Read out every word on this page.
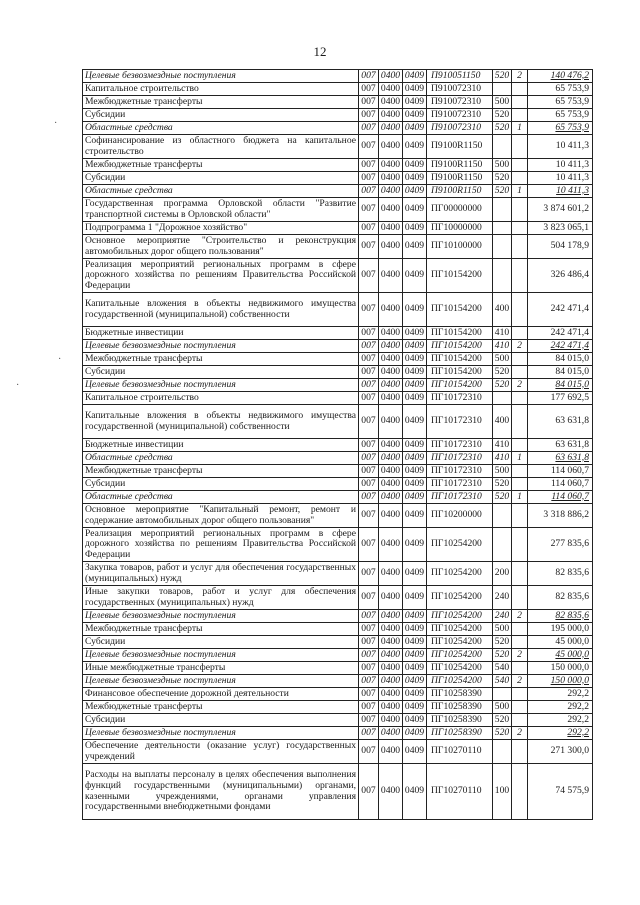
12
·
·
·
Целевые безвозмездные поступления	007	0400	0409	П910051150	520	2	140 476,2
Капитальное строительство	007	0400	0409	П910072310			65 753,9
Межбюджетные трансферты	007	0400	0409	П910072310	500		65 753,9
Субсидии	007	0400	0409	П910072310	520		65 753,9
Областные средства	007	0400	0409	П910072310	520	1	65 753,9
Софинансирование из областного бюджета на капитальное строительство	007	0400	0409	П9100R1150			10 411,3
Межбюджетные трансферты	007	0400	0409	П9100R1150	500		10 411,3
Субсидии	007	0400	0409	П9100R1150	520		10 411,3
Областные средства	007	0400	0409	П9100R1150	520	1	10 411,3
Государственная программа Орловской области "Развитие транспортной системы в Орловской области"	007	0400	0409	ПГ00000000			3 874 601,2
Подпрограмма 1 "Дорожное хозяйство"	007	0400	0409	ПГ10000000			3 823 065,1
Основное мероприятие "Строительство и реконструкция автомобильных дорог общего пользования"	007	0400	0409	ПГ10100000			504 178,9
Реализация мероприятий региональных программ в сфере дорожного хозяйства по решениям Правительства Российской Федерации	007	0400	0409	ПГ10154200			326 486,4
Капитальные вложения в объекты недвижимого имущества государственной (муниципальной) собственности	007	0400	0409	ПГ10154200	400		242 471,4
Бюджетные инвестиции	007	0400	0409	ПГ10154200	410		242 471,4
Целевые безвозмездные поступления	007	0400	0409	ПГ10154200	410	2	242 471,4
Межбюджетные трансферты	007	0400	0409	ПГ10154200	500		84 015,0
Субсидии	007	0400	0409	ПГ10154200	520		84 015,0
Целевые безвозмездные поступления	007	0400	0409	ПГ10154200	520	2	84 015,0
Капитальное строительство	007	0400	0409	ПГ10172310			177 692,5
Капитальные вложения в объекты недвижимого имущества государственной (муниципальной) собственности	007	0400	0409	ПГ10172310	400		63 631,8
Бюджетные инвестиции	007	0400	0409	ПГ10172310	410		63 631,8
Областные средства	007	0400	0409	ПГ10172310	410	1	63 631,8
Межбюджетные трансферты	007	0400	0409	ПГ10172310	500		114 060,7
Субсидии	007	0400	0409	ПГ10172310	520		114 060,7
Областные средства	007	0400	0409	ПГ10172310	520	1	114 060,7
Основное мероприятие "Капитальный ремонт, ремонт и содержание автомобильных дорог общего пользования"	007	0400	0409	ПГ10200000			3 318 886,2
Реализация мероприятий региональных программ в сфере дорожного хозяйства по решениям Правительства Российской Федерации	007	0400	0409	ПГ10254200			277 835,6
Закупка товаров, работ и услуг для обеспечения государственных (муниципальных) нужд	007	0400	0409	ПГ10254200	200		82 835,6
Иные закупки товаров, работ и услуг для обеспечения государственных (муниципальных) нужд	007	0400	0409	ПГ10254200	240		82 835,6
Целевые безвозмездные поступления	007	0400	0409	ПГ10254200	240	2	82 835,6
Межбюджетные трансферты	007	0400	0409	ПГ10254200	500		195 000,0
Субсидии	007	0400	0409	ПГ10254200	520		45 000,0
Целевые безвозмездные поступления	007	0400	0409	ПГ10254200	520	2	45 000,0
Иные межбюджетные трансферты	007	0400	0409	ПГ10254200	540		150 000,0
Целевые безвозмездные поступления	007	0400	0409	ПГ10254200	540	2	150 000,0
Финансовое обеспечение дорожной деятельности	007	0400	0409	ПГ10258390			292,2
Межбюджетные трансферты	007	0400	0409	ПГ10258390	500		292,2
Субсидии	007	0400	0409	ПГ10258390	520		292,2
Целевые безвозмездные поступления	007	0400	0409	ПГ10258390	520	2	292,2
Обеспечение деятельности (оказание услуг) государственных учреждений	007	0400	0409	ПГ10270110			271 300,0
Расходы на выплаты персоналу в целях обеспечения выполнения функций государственными (муниципальными) органами, казенными учреждениями, органами управления государственными внебюджетными фондами	007	0400	0409	ПГ10270110	100		74 575,9
